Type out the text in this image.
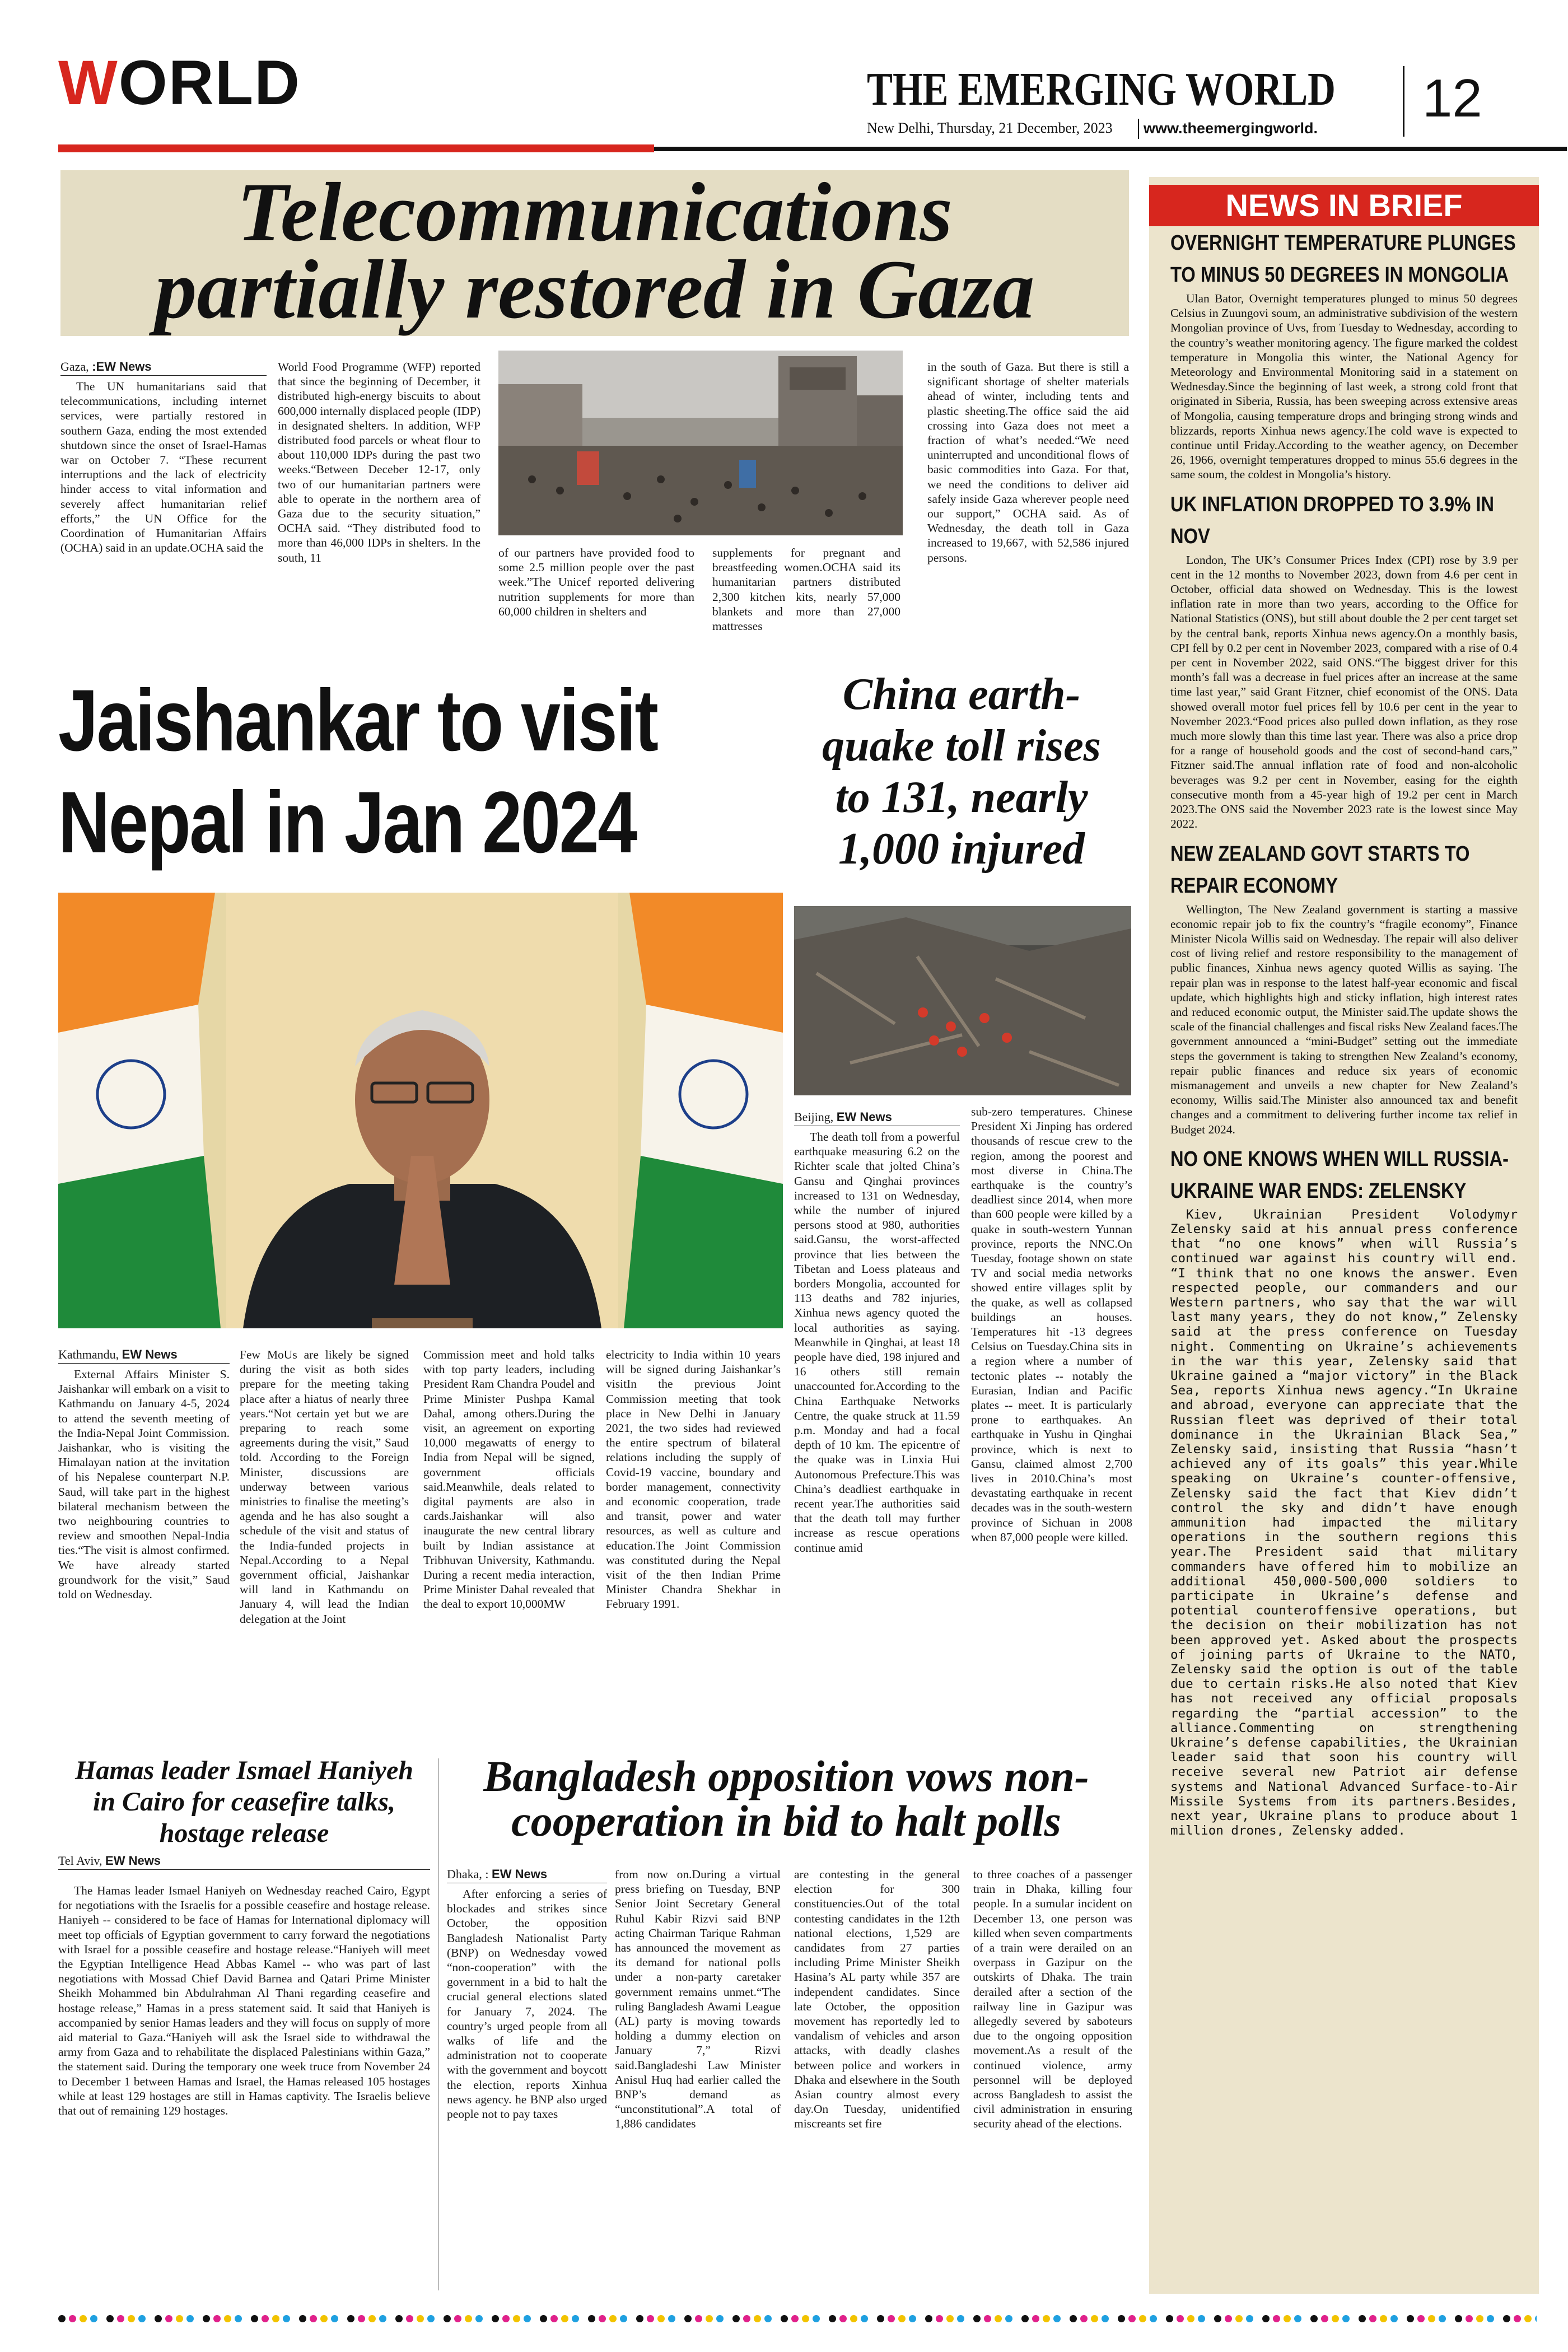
WORLD	THE EMERGING WORLD
New Delhi, Thursday, 21 December, 2023 www.theemergingworld. 12
Telecommunications
partially restored in Gaza
Gaza, :EW News

The UN humanitarians said that telecommunications, including internet services, were partially restored in southern Gaza, ending the most extended shutdown since the onset of Israel-Hamas war on October 7. “These recurrent interruptions and the lack of electricity hinder access to vital information and severely affect humanitarian relief efforts,” the UN Office for the Coordination of Humanitarian Affairs (OCHA) said in an update.OCHA said the

World Food Programme (WFP) reported that since the beginning of December, it distributed high-energy biscuits to about 600,000 internally displaced people (IDP) in designated shelters. In addition, WFP distributed food parcels or wheat flour to about 110,000 IDPs during the past two weeks.“Between Deceber 12-17, only two of our humanitarian partners were able to operate in the northern area of Gaza due to the security situation,” OCHA said. “They distributed food to more than 46,000 IDPs in shelters. In the south, 11	of our partners have provided food to some 2.5 million people over the past week.”The Unicef reported delivering nutrition supplements for more than 60,000 children in shelters and

supplements for pregnant and breastfeeding women.OCHA said its humanitarian partners distributed 2,300 kitchen kits, nearly 57,000 blankets and more than 27,000 mattresses

in the south of Gaza. But there is still a significant shortage of shelter materials ahead of winter, including tents and plastic sheeting.The office said the aid crossing into Gaza does not meet a fraction of what’s needed.“We need uninterrupted and unconditional flows of basic commodities into Gaza. For that, we need the conditions to deliver aid safely inside Gaza wherever people need our support,” OCHA said. As of Wednesday, the death toll in Gaza increased to 19,667, with 52,586 injured persons.

Jaishankar to visit
Nepal in Jan 2024
Kathmandu, EW News

External Affairs Minister S. Jaishankar will embark on a visit to Kathmandu on January 4-5, 2024 to attend the seventh meeting of the India-Nepal Joint Commission. Jaishankar, who is visiting the Himalayan nation at the invitation of his Nepalese counterpart N.P. Saud, will take part in the highest bilateral mechanism between the two neighbouring countries to review and smoothen Nepal-India ties.“The visit is almost confirmed. We have already started groundwork for the visit,” Saud told on Wednesday.

Few MoUs are likely be signed during the visit as both sides prepare for the meeting taking place after a hiatus of nearly three years.“Not certain yet but we are preparing to reach some agreements during the visit,” Saud told. According to the Foreign Minister, discussions are underway between various ministries to finalise the meeting’s agenda and he has also sought a schedule of the visit and status of the India-funded projects in Nepal.According to a Nepal government official, Jaishankar will land in Kathmandu on January 4, will lead the Indian delegation at the Joint

Commission meet and hold talks with top party leaders, including President Ram Chandra Poudel and Prime Minister Pushpa Kamal Dahal, among others.During the visit, an agreement on exporting 10,000 megawatts of energy to India from Nepal will be signed, government officials said.Meanwhile, deals related to digital payments are also in cards.Jaishankar will also inaugurate the new central library built by Indian assistance at Tribhuvan University, Kathmandu. During a recent media interaction, Prime Minister Dahal revealed that the deal to export 10,000MW

electricity to India within 10 years will be signed during Jaishankar’s visitIn the previous Joint Commission meeting that took place in New Delhi in January 2021, the two sides had reviewed the entire spectrum of bilateral relations including the supply of Covid-19 vaccine, boundary and border management, connectivity and economic cooperation, trade and transit, power and water resources, as well as culture and education.The Joint Commission was constituted during the Nepal visit of the then Indian Prime Minister Chandra Shekhar in February 1991.

China earth-
quake toll rises
to 131, nearly
1,000 injured
Beijing, EW News

The death toll from a powerful earthquake measuring 6.2 on the Richter scale that jolted China’s Gansu and Qinghai provinces increased to 131 on Wednesday, while the number of injured persons stood at 980, authorities said.Gansu, the worst-affected province that lies between the Tibetan and Loess plateaus and borders Mongolia, accounted for 113 deaths and 782 injuries, Xinhua news agency quoted the local authorities as saying. Meanwhile in Qinghai, at least 18 people have died, 198 injured and 16 others still remain unaccounted for.According to the China Earthquake Networks Centre, the quake struck at 11.59 p.m. Monday and had a focal depth of 10 km. The epicentre of the quake was in Linxia Hui Autonomous Prefecture.This was China’s deadliest earthquake in recent year.The authorities said that the death toll may further increase as rescue operations continue amid

sub-zero temperatures. Chinese President Xi Jinping has ordered thousands of rescue crew to the region, among the poorest and most diverse in China.The earthquake is the country’s deadliest since 2014, when more than 600 people were killed by a quake in south-western Yunnan province, reports the NNC.On Tuesday, footage shown on state TV and social media networks showed entire villages split by the quake, as well as collapsed buildings an houses. Temperatures hit -13 degrees Celsius on Tuesday.China sits in a region where a number of tectonic plates -- notably the Eurasian, Indian and Pacific plates -- meet. It is particularly prone to earthquakes. An earthquake in Yushu in Qinghai province, which is next to Gansu, claimed almost 2,700 lives in 2010.China’s most devastating earthquake in recent decades was in the south-western province of Sichuan in 2008 when 87,000 people were killed.

Hamas leader Ismael Haniyeh
in Cairo for ceasefire talks,
hostage release
Tel Aviv, EW News

The Hamas leader Ismael Haniyeh on Wednesday reached Cairo, Egypt for negotiations with the Israelis for a possible ceasefire and hostage release. Haniyeh -- considered to be face of Hamas for International diplomacy will meet top officials of Egyptian government to carry forward the negotiations with Israel for a possible ceasefire and hostage release.“Haniyeh will meet the Egyptian Intelligence Head Abbas Kamel -- who was part of last negotiations with Mossad Chief David Barnea and Qatari Prime Minister Sheikh Mohammed bin Abdulrahman Al Thani regarding ceasefire and hostage release,” Hamas in a press statement said. It said that Haniyeh is accompanied by senior Hamas leaders and they will focus on supply of more aid material to Gaza.“Haniyeh will ask the Israel side to withdrawal the army from Gaza and to rehabilitate the displaced Palestinians within Gaza,” the statement said. During the temporary one week truce from November 24 to December 1 between Hamas and Israel, the Hamas released 105 hostages while at least 129 hostages are still in Hamas captivity. The Israelis believe that out of remaining 129 hostages.

Bangladesh opposition vows non-
cooperation in bid to halt polls
Dhaka, : EW News

After enforcing a series of blockades and strikes since October, the opposition Bangladesh Nationalist Party (BNP) on Wednesday vowed “non-cooperation” with the government in a bid to halt the crucial general elections slated for January 7, 2024. The country’s urged people from all walks of life and the administration not to cooperate with the government and boycott the election, reports Xinhua news agency. he BNP also urged people not to pay taxes

from now on.During a virtual press briefing on Tuesday, BNP Senior Joint Secretary General Ruhul Kabir Rizvi said BNP acting Chairman Tarique Rahman has announced the movement as its demand for national polls under a non-party caretaker government remains unmet.“The ruling Bangladesh Awami League (AL) party is moving towards holding a dummy election on January 7,” Rizvi said.Bangladeshi Law Minister Anisul Huq had earlier called the BNP’s demand as “unconstitutional”.A total of 1,886 candidates

are contesting in the general election for 300 constituencies.Out of the total contesting candidates in the 12th national elections, 1,529 are candidates from 27 parties including Prime Minister Sheikh Hasina’s AL party while 357 are independent candidates. Since late October, the opposition movement has reportedly led to vandalism of vehicles and arson attacks, with deadly clashes between police and workers in Dhaka and elsewhere in the South Asian country almost every day.On Tuesday, unidentified miscreants set fire

to three coaches of a passenger train in Dhaka, killing four people. In a sumular incident on December 13, one person was killed when seven compartments of a train were derailed on an overpass in Gazipur on the outskirts of Dhaka. The train derailed after a section of the railway line in Gazipur was allegedly severed by saboteurs due to the ongoing opposition movement.As a result of the continued violence, army personnel will be deployed across Bangladesh to assist the civil administration in ensuring security ahead of the elections.

NEWS IN BRIEF
OVERNIGHT TEMPERATURE PLUNGES TO MINUS 50 DEGREES IN MONGOLIA

Ulan Bator, Overnight temperatures plunged to minus 50 degrees Celsius in Zuungovi soum, an administrative subdivision of the western Mongolian province of Uvs, from Tuesday to Wednesday, according to the country’s weather monitoring agency. The figure marked the coldest temperature in Mongolia this winter, the National Agency for Meteorology and Environmental Monitoring said in a statement on Wednesday.Since the beginning of last week, a strong cold front that originated in Siberia, Russia, has been sweeping across extensive areas of Mongolia, causing temperature drops and bringing strong winds and blizzards, reports Xinhua news agency.The cold wave is expected to continue until Friday.According to the weather agency, on December 26, 1966, overnight temperatures dropped to minus 55.6 degrees in the same soum, the coldest in Mongolia’s history.

UK INFLATION DROPPED TO 3.9% IN NOV

London, The UK’s Consumer Prices Index (CPI) rose by 3.9 per cent in the 12 months to November 2023, down from 4.6 per cent in October, official data showed on Wednesday. This is the lowest inflation rate in more than two years, according to the Office for National Statistics (ONS), but still about double the 2 per cent target set by the central bank, reports Xinhua news agency.On a monthly basis, CPI fell by 0.2 per cent in November 2023, compared with a rise of 0.4 per cent in November 2022, said ONS.“The biggest driver for this month’s fall was a decrease in fuel prices after an increase at the same time last year,” said Grant Fitzner, chief economist of the ONS. Data showed overall motor fuel prices fell by 10.6 per cent in the year to November 2023.“Food prices also pulled down inflation, as they rose much more slowly than this time last year. There was also a price drop for a range of household goods and the cost of second-hand cars,” Fitzner said.The annual inflation rate of food and non-alcoholic beverages was 9.2 per cent in November, easing for the eighth consecutive month from a 45-year high of 19.2 per cent in March 2023.The ONS said the November 2023 rate is the lowest since May 2022.

NEW ZEALAND GOVT STARTS TO REPAIR ECONOMY

Wellington, The New Zealand government is starting a massive economic repair job to fix the country’s “fragile economy”, Finance Minister Nicola Willis said on Wednesday. The repair will also deliver cost of living relief and restore responsibility to the management of public finances, Xinhua news agency quoted Willis as saying. The repair plan was in response to the latest half-year economic and fiscal update, which highlights high and sticky inflation, high interest rates and reduced economic output, the Minister said.The update shows the scale of the financial challenges and fiscal risks New Zealand faces.The government announced a “mini-Budget” setting out the immediate steps the government is taking to strengthen New Zealand’s economy, repair public finances and reduce six years of economic mismanagement and unveils a new chapter for New Zealand’s economy, Willis said.The Minister also announced tax and benefit changes and a commitment to delivering further income tax relief in Budget 2024.

NO ONE KNOWS WHEN WILL RUSSIA-UKRAINE WAR ENDS: ZELENSKY

Kiev, Ukrainian President Volodymyr Zelensky said at his annual press conference that “no one knows” when will Russia’s continued war against his country will end. “I think that no one knows the answer. Even respected people, our commanders and our Western partners, who say that the war will last many years, they do not know,” Zelensky said at the press conference on Tuesday night. Commenting on Ukraine’s achievements in the war this year, Zelensky said that Ukraine gained a “major victory” in the Black Sea, reports Xinhua news agency.“In Ukraine and abroad, everyone can appreciate that the Russian fleet was deprived of their total dominance in the Ukrainian Black Sea,” Zelensky said, insisting that Russia “hasn’t achieved any of its goals” this year.While speaking on Ukraine’s counter-offensive, Zelensky said the fact that Kiev didn’t control the sky and didn’t have enough ammunition had impacted the military operations in the southern regions this year.The President said that military commanders have offered him to mobilize an additional 450,000-500,000 soldiers to participate in Ukraine’s defense and potential counteroffensive operations, but the decision on their mobilization has not been approved yet. Asked about the prospects of joining parts of Ukraine to the NATO, Zelensky said the option is out of the table due to certain risks.He also noted that Kiev has not received any official proposals regarding the “partial accession” to the alliance.Commenting on strengthening Ukraine’s defense capabilities, the Ukrainian leader said that soon his country will receive several new Patriot air defense systems and National Advanced Surface-to-Air Missile Systems from its partners.Besides, next year, Ukraine plans to produce about 1 million drones, Zelensky added.
